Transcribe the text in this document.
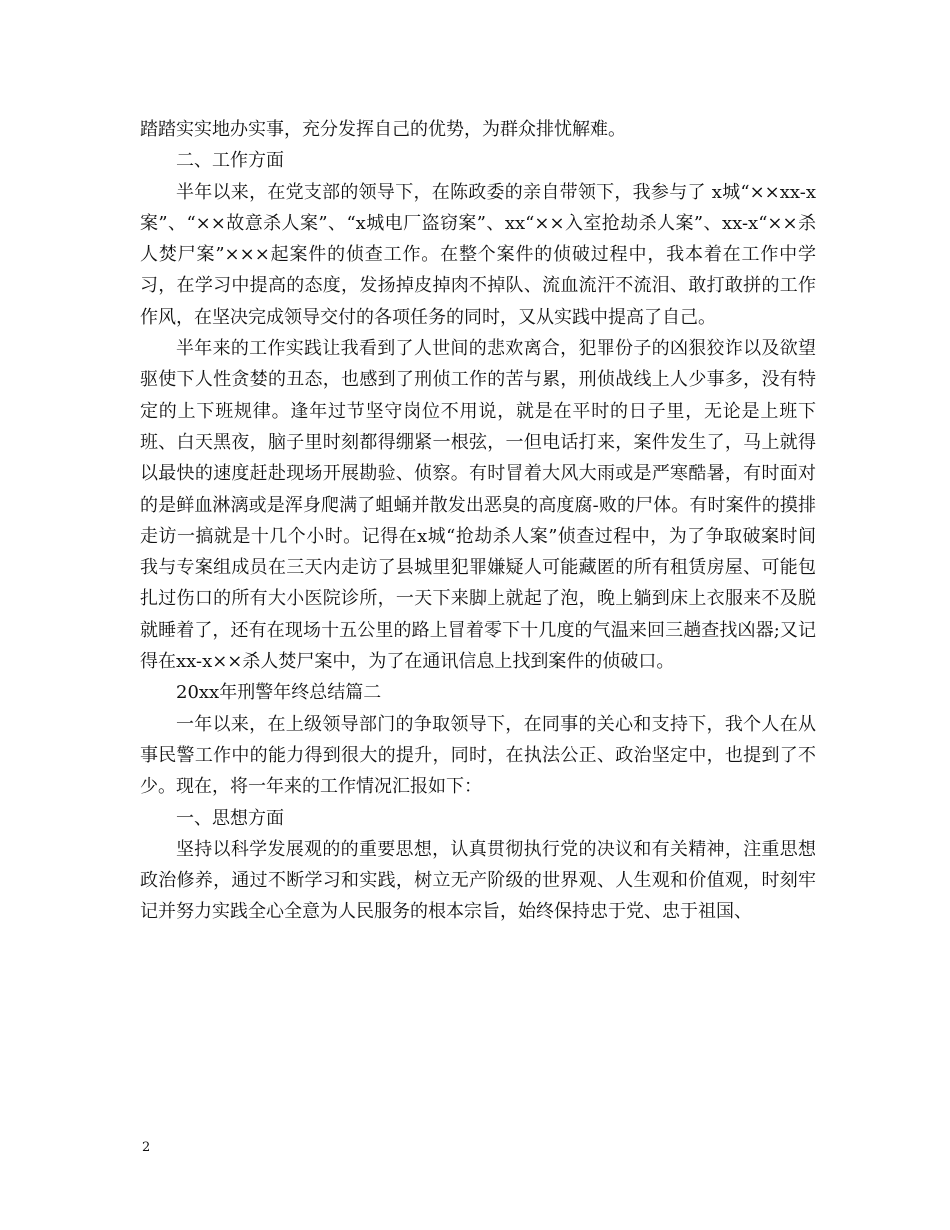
踏踏实实地办实事，充分发挥自己的优势，为群众排忧解难。

二、工作方面

半年以来，在党支部的领导下，在陈政委的亲自带领下，我参与了 x城“××xx-x案”、“××故意杀人案”、“x城电厂盗窃案”、xx“××入室抢劫杀人案”、xx-x“××杀人焚尸案”×××起案件的侦查工作。在整个案件的侦破过程中，我本着在工作中学习，在学习中提高的态度，发扬掉皮掉肉不掉队、流血流汗不流泪、敢打敢拼的工作作风，在坚决完成领导交付的各项任务的同时，又从实践中提高了自己。

半年来的工作实践让我看到了人世间的悲欢离合，犯罪份子的凶狠狡诈以及欲望驱使下人性贪婪的丑态，也感到了刑侦工作的苦与累，刑侦战线上人少事多，没有特定的上下班规律。逢年过节坚守岗位不用说，就是在平时的日子里，无论是上班下班、白天黑夜，脑子里时刻都得绷紧一根弦，一但电话打来，案件发生了，马上就得以最快的速度赶赴现场开展勘验、侦察。有时冒着大风大雨或是严寒酷暑，有时面对的是鲜血淋漓或是浑身爬满了蛆蛹并散发出恶臭的高度腐-败的尸体。有时案件的摸排走访一搞就是十几个小时。记得在x城“抢劫杀人案”侦查过程中，为了争取破案时间我与专案组成员在三天内走访了县城里犯罪嫌疑人可能藏匿的所有租赁房屋、可能包扎过伤口的所有大小医院诊所，一天下来脚上就起了泡，晚上躺到床上衣服来不及脱就睡着了，还有在现场十五公里的路上冒着零下十几度的气温来回三趟查找凶器;又记得在xx-x××杀人焚尸案中，为了在通讯信息上找到案件的侦破口。

20xx年刑警年终总结篇二

一年以来，在上级领导部门的争取领导下，在同事的关心和支持下，我个人在从事民警工作中的能力得到很大的提升，同时，在执法公正、政治坚定中，也提到了不少。现在，将一年来的工作情况汇报如下：

一、思想方面

坚持以科学发展观的的重要思想，认真贯彻执行党的决议和有关精神，注重思想政治修养，通过不断学习和实践，树立无产阶级的世界观、人生观和价值观，时刻牢记并努力实践全心全意为人民服务的根本宗旨，始终保持忠于党、忠于祖国、

2
